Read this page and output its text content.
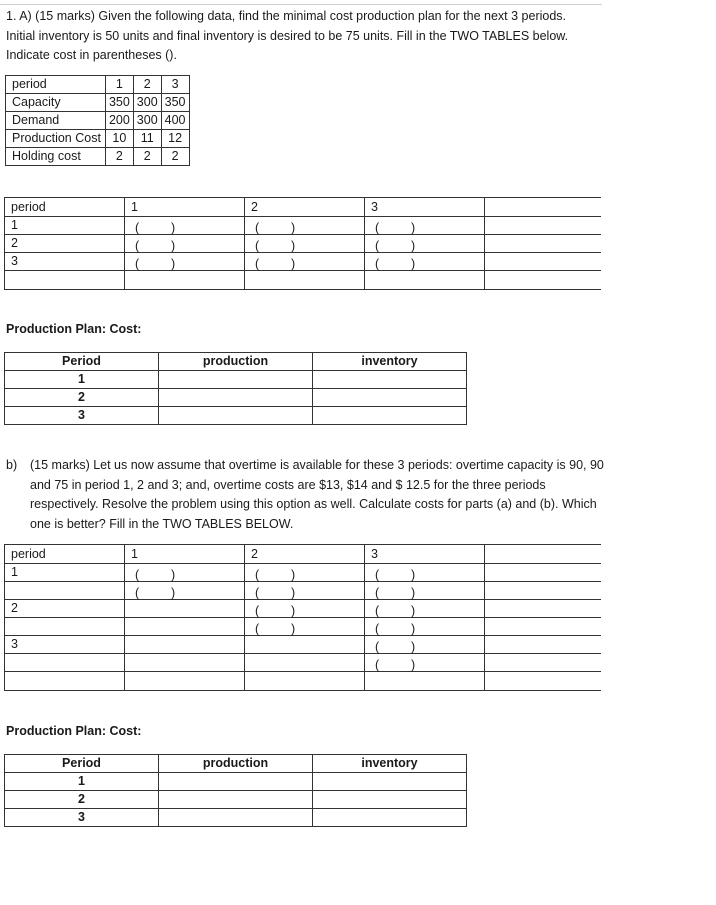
1. A) (15 marks) Given the following data, find the minimal cost production plan for the next 3 periods. Initial inventory is 50 units and final inventory is desired to be 75 units. Fill in the TWO TABLES below. Indicate cost in parentheses ().

period	1	2	3
Capacity	350	300	350
Demand	200	300	400
Production Cost	10	11	12
Holding cost	2	2	2
period	1	2	3	
1	( )	( )	( )	

2	( )	( )	( )	

3	( )	( )	( )	

Production Plan: Cost:
Period	production	inventory
1		
2		
3		
b) (15 marks) Let us now assume that overtime is available for these 3 periods: overtime capacity is 90, 90 and 75 in period 1, 2 and 3; and, overtime costs are $13, $14 and $ 12.5 for the three periods respectively. Resolve the problem using this option as well. Calculate costs for parts (a) and (b). Which one is better? Fill in the TWO TABLES BELOW.
period	1	2	3	
1	( )	( )	( )	

	( )	( )	( )	

2		( )	( )	

		( )	( )	

3			( )	

			( )	

Production Plan: Cost:
Period	production	inventory
1		
2		
3		
